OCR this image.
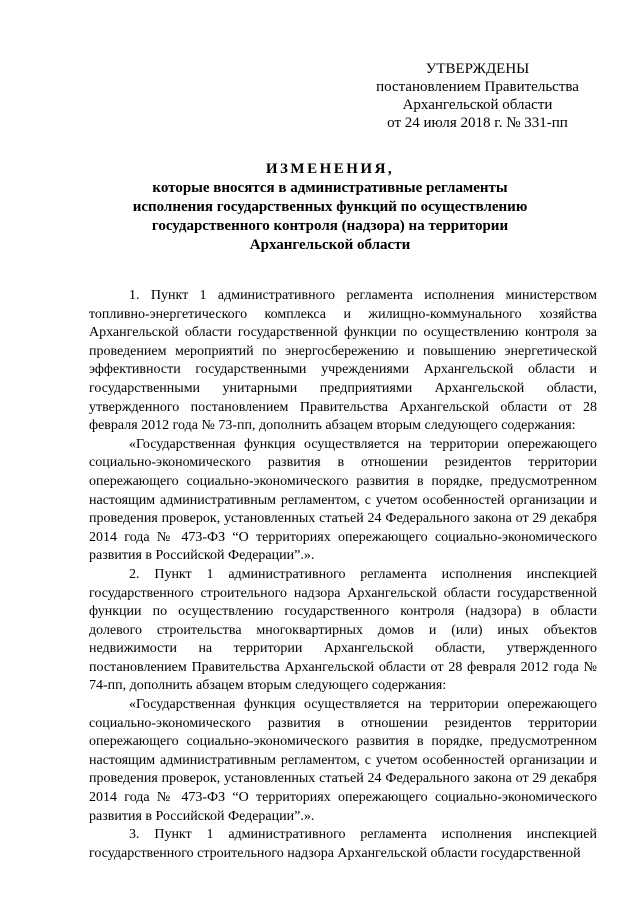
УТВЕРЖДЕНЫ
постановлением Правительства
Архангельской области
от 24 июля 2018 г. № 331-пп
ИЗМЕНЕНИЯ,
которые вносятся в административные регламенты
исполнения государственных функций по осуществлению
государственного контроля (надзора) на территории
Архангельской области

1. Пункт 1 административного регламента исполнения министерством топливно-энергетического комплекса и жилищно-коммунального хозяйства Архангельской области государственной функции по осуществлению контроля за проведением мероприятий по энергосбережению и повышению энергетической эффективности государственными учреждениями Архангельской области и государственными унитарными предприятиями Архангельской области, утвержденного постановлением Правительства Архангельской области от 28 февраля 2012 года № 73-пп, дополнить абзацем вторым следующего содержания:

«Государственная функция осуществляется на территории опережающего социально-экономического развития в отношении резидентов территории опережающего социально-экономического развития в порядке, предусмотренном настоящим административным регламентом, с учетом особенностей организации и проведения проверок, установленных статьей 24 Федерального закона от 29 декабря 2014 года № 473-ФЗ “О территориях опережающего социально-экономического развития в Российской Федерации”.».

2. Пункт 1 административного регламента исполнения инспекцией государственного строительного надзора Архангельской области государственной функции по осуществлению государственного контроля (надзора) в области долевого строительства многоквартирных домов и (или) иных объектов недвижимости на территории Архангельской области, утвержденного постановлением Правительства Архангельской области от 28 февраля 2012 года № 74-пп, дополнить абзацем вторым следующего содержания:

«Государственная функция осуществляется на территории опережающего социально-экономического развития в отношении резидентов территории опережающего социально-экономического развития в порядке, предусмотренном настоящим административным регламентом, с учетом особенностей организации и проведения проверок, установленных статьей 24 Федерального закона от 29 декабря 2014 года № 473-ФЗ “О территориях опережающего социально-экономического развития в Российской Федерации”.».

3. Пункт 1 административного регламента исполнения инспекцией государственного строительного надзора Архангельской области государственной
